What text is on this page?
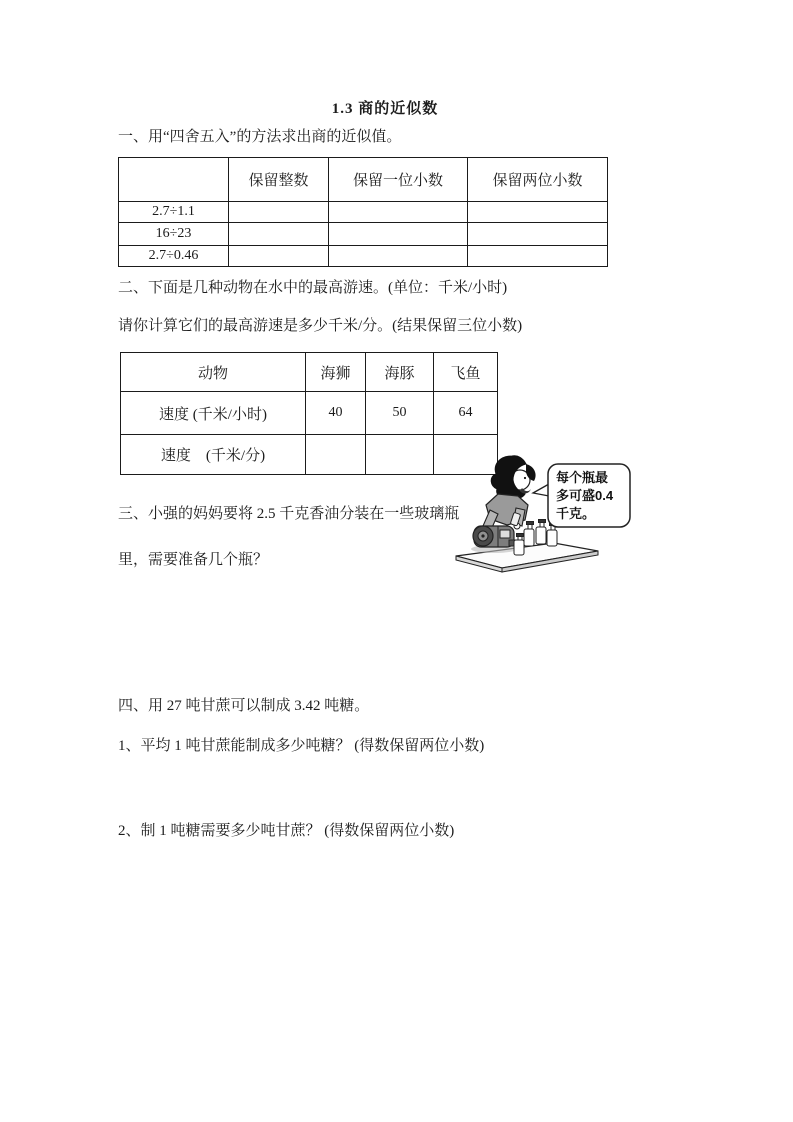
1.3 商的近似数
一、用“四舍五入”的方法求出商的近似值。
	保留整数	保留一位小数	保留两位小数
2.7÷1.1			
16÷23			
2.7÷0.46			
二、下面是几种动物在水中的最高游速。(单位：千米/小时)
请你计算它们的最高游速是多少千米/分。(结果保留三位小数)
动物	海狮	海豚	飞鱼
速度 (千米/小时)	40	50	64
速度　(千米/分)			
三、小强的妈妈要将 2.5 千克香油分装在一些玻璃瓶
里，需要准备几个瓶？
每个瓶最
多可盛0.4
千克。
四、用 27 吨甘蔗可以制成 3.42 吨糖。
1、平均 1 吨甘蔗能制成多少吨糖？ (得数保留两位小数)
2、制 1 吨糖需要多少吨甘蔗？ (得数保留两位小数)
